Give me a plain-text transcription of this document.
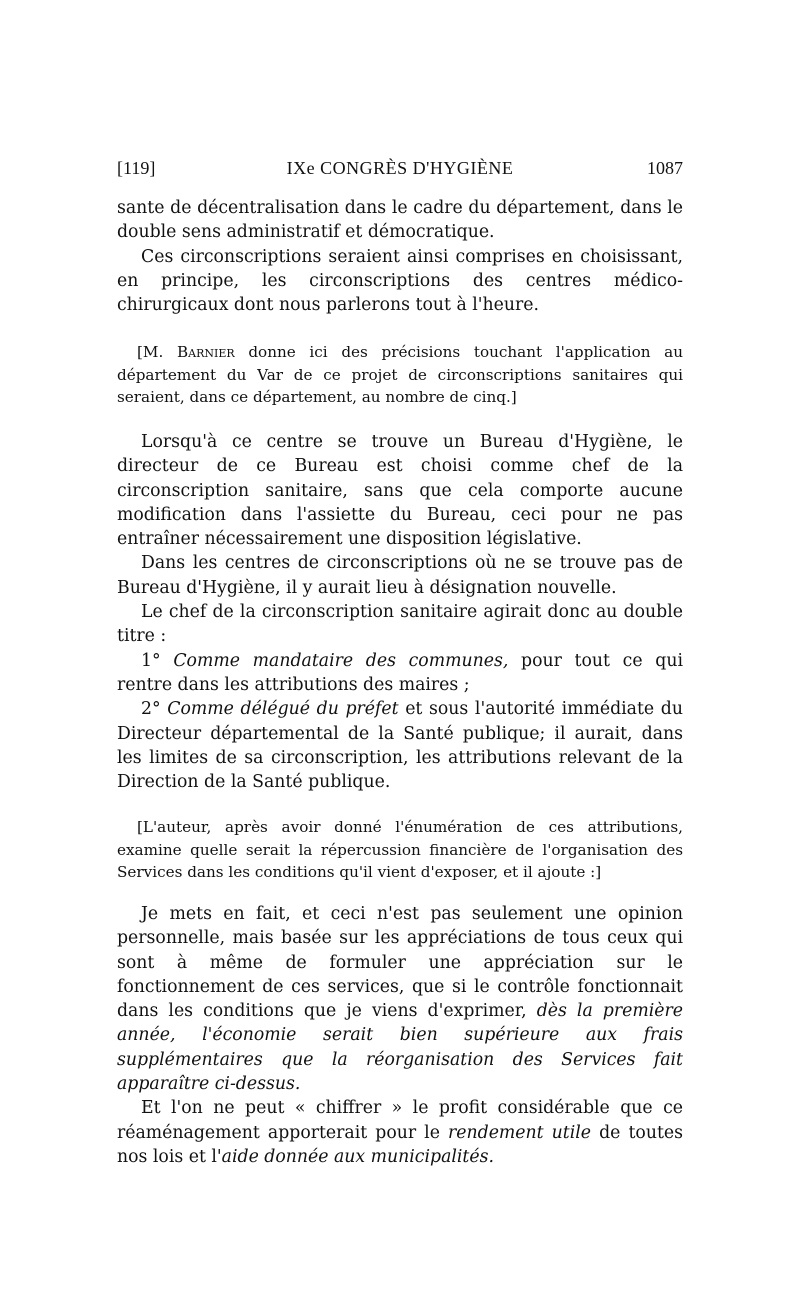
[119]	IXe CONGRÈS D'HYGIÈNE	1087

sante de décentralisation dans le cadre du département, dans le double sens administratif et démocratique.

Ces circonscriptions seraient ainsi comprises en choisissant, en principe, les circonscriptions des centres médico-chirurgicaux dont nous parlerons tout à l'heure.

[M. Barnier donne ici des précisions touchant l'application au département du Var de ce projet de circonscriptions sanitaires qui seraient, dans ce département, au nombre de cinq.]

Lorsqu'à ce centre se trouve un Bureau d'Hygiène, le directeur de ce Bureau est choisi comme chef de la circonscription sanitaire, sans que cela comporte aucune modification dans l'assiette du Bureau, ceci pour ne pas entraîner nécessairement une disposition législative.

Dans les centres de circonscriptions où ne se trouve pas de Bureau d'Hygiène, il y aurait lieu à désignation nouvelle.

Le chef de la circonscription sanitaire agirait donc au double titre :

1° Comme mandataire des communes, pour tout ce qui rentre dans les attributions des maires ;

2° Comme délégué du préfet et sous l'autorité immédiate du Directeur départemental de la Santé publique; il aurait, dans les limites de sa circonscription, les attributions relevant de la Direction de la Santé publique.

[L'auteur, après avoir donné l'énumération de ces attributions, examine quelle serait la répercussion financière de l'organisation des Services dans les conditions qu'il vient d'exposer, et il ajoute :]

Je mets en fait, et ceci n'est pas seulement une opinion personnelle, mais basée sur les appréciations de tous ceux qui sont à même de formuler une appréciation sur le fonctionnement de ces services, que si le contrôle fonctionnait dans les conditions que je viens d'exprimer, dès la première année, l'économie serait bien supérieure aux frais supplémentaires que la réorganisation des Services fait apparaître ci-dessus.

Et l'on ne peut « chiffrer » le profit considérable que ce réaménagement apporterait pour le rendement utile de toutes nos lois et l'aide donnée aux municipalités.
